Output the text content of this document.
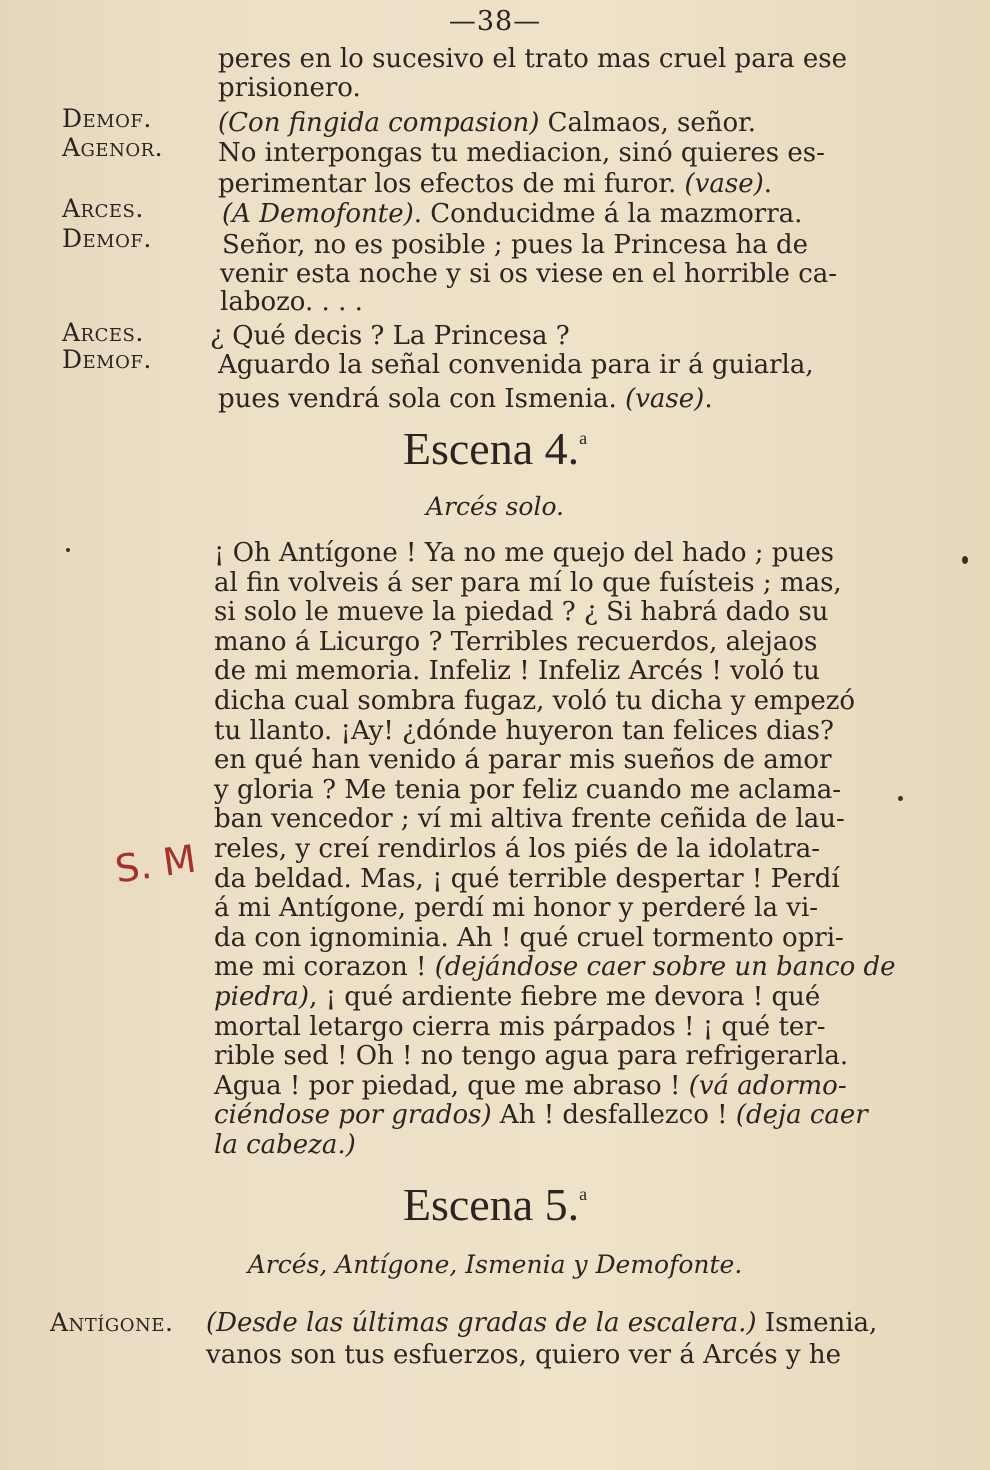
—38—
peres en lo sucesivo el trato mas cruel para ese
prisionero.
Demof.	(Con fingida compasion) Calmaos, señor.
Agenor. No interpongas tu mediacion, sinó quieres es-
perimentar los efectos de mi furor. (vase).
Arces.	(A Demofonte). Conducidme á la mazmorra.
Demof.	Señor, no es posible ; pues la Princesa ha de
venir esta noche y si os viese en el horrible ca-
labozo. . . .
Arces.	¿ Qué decis ? La Princesa ?
Demof.	Aguardo la señal convenida para ir á guiarla,
pues vendrá sola con Ismenia. (vase).
Escena 4.$^a$
Arcés solo.
¡ Oh Antígone ! Ya no me quejo del hado ; pues
al fin volveis á ser para mí lo que fuísteis ; mas,
si solo le mueve la piedad ? ¿ Si habrá dado su
mano á Licurgo ? Terribles recuerdos, alejaos
de mi memoria. Infeliz ! Infeliz Arcés ! voló tu
dicha cual sombra fugaz, voló tu dicha y empezó
tu llanto. ¡Ay! ¿dónde huyeron tan felices dias?
en qué han venido á parar mis sueños de amor
y gloria ? Me tenia por feliz cuando me aclama-
ban vencedor ; ví mi altiva frente ceñida de lau-
reles, y creí rendirlos á los piés de la idolatra-
da beldad. Mas, ¡ qué terrible despertar ! Perdí
á mi Antígone, perdí mi honor y perderé la vi-
da con ignominia. Ah ! qué cruel tormento opri-
me mi corazon ! (dejándose caer sobre un banco de
piedra), ¡ qué ardiente fiebre me devora ! qué
mortal letargo cierra mis párpados ! ¡ qué ter-
rible sed ! Oh ! no tengo agua para refrigerarla.
Agua ! por piedad, que me abraso ! (vá adormo-
ciéndose por grados) Ah ! desfallezco ! (deja caer
la cabeza.)
S. M
Escena 5.$^a$
Arcés, Antígone, Ismenia y Demofonte.
Antígone. (Desde las últimas gradas de la escalera.) Ismenia,
vanos son tus esfuerzos, quiero ver á Arcés y he
